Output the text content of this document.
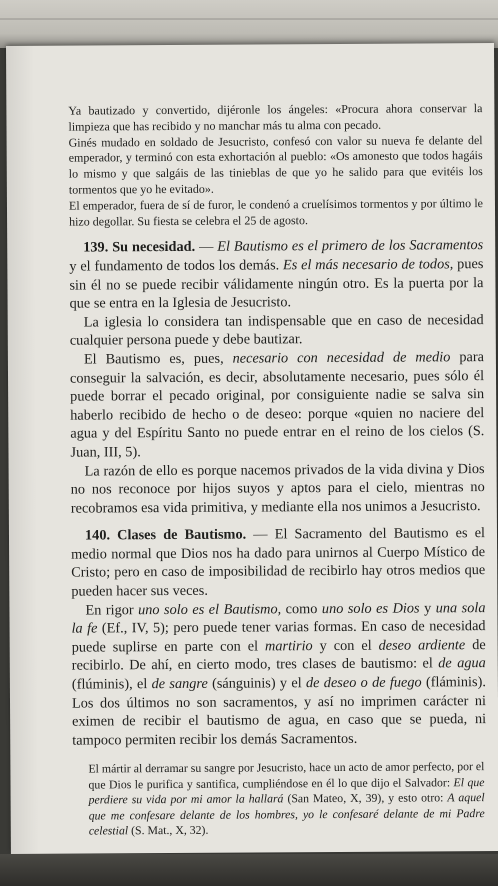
Ya bautizado y convertido, dijéronle los ángeles: «Procura ahora conservar la limpieza que has recibido y no manchar más tu alma con pecado.

Ginés mudado en soldado de Jesucristo, confesó con valor su nueva fe delante del emperador, y terminó con esta exhortación al pueblo: «Os amonesto que todos hagáis lo mismo y que salgáis de las tinieblas de que yo he salido para que evitéis los tormentos que yo he evitado».

El emperador, fuera de sí de furor, le condenó a cruelísimos tormentos y por último le hizo degollar. Su fiesta se celebra el 25 de agosto.

139. Su necesidad. — El Bautismo es el primero de los Sacramentos y el fundamento de todos los demás. Es el más necesario de todos, pues sin él no se puede recibir válidamente ningún otro. Es la puerta por la que se entra en la Iglesia de Jesucristo.

La iglesia lo considera tan indispensable que en caso de necesidad cualquier persona puede y debe bautizar.

El Bautismo es, pues, necesario con necesidad de medio para conseguir la salvación, es decir, absolutamente necesario, pues sólo él puede borrar el pecado original, por consiguiente nadie se salva sin haberlo recibido de hecho o de deseo: porque «quien no naciere del agua y del Espíritu Santo no puede entrar en el reino de los cielos (S. Juan, III, 5).

La razón de ello es porque nacemos privados de la vida divina y Dios no nos reconoce por hijos suyos y aptos para el cielo, mientras no recobramos esa vida primitiva, y mediante ella nos unimos a Jesucristo.

140. Clases de Bautismo. — El Sacramento del Bautismo es el medio normal que Dios nos ha dado para unirnos al Cuerpo Místico de Cristo; pero en caso de imposibilidad de recibirlo hay otros medios que pueden hacer sus veces.

En rigor uno solo es el Bautismo, como uno solo es Dios y una sola la fe (Ef., IV, 5); pero puede tener varias formas. En caso de necesidad puede suplirse en parte con el martirio y con el deseo ardiente de recibirlo. De ahí, en cierto modo, tres clases de bautismo: el de agua (flúminis), el de sangre (sánguinis) y el de deseo o de fuego (fláminis). Los dos últimos no son sacramentos, y así no imprimen carácter ni eximen de recibir el bautismo de agua, en caso que se pueda, ni tampoco permiten recibir los demás Sacramentos.

El mártir al derramar su sangre por Jesucristo, hace un acto de amor perfecto, por el que Dios le purifica y santifica, cumpliéndose en él lo que dijo el Salvador: El que perdiere su vida por mi amor la hallará (San Mateo, X, 39), y esto otro: A aquel que me confesare delante de los hombres, yo le confesaré delante de mi Padre celestial (S. Mat., X, 32).
